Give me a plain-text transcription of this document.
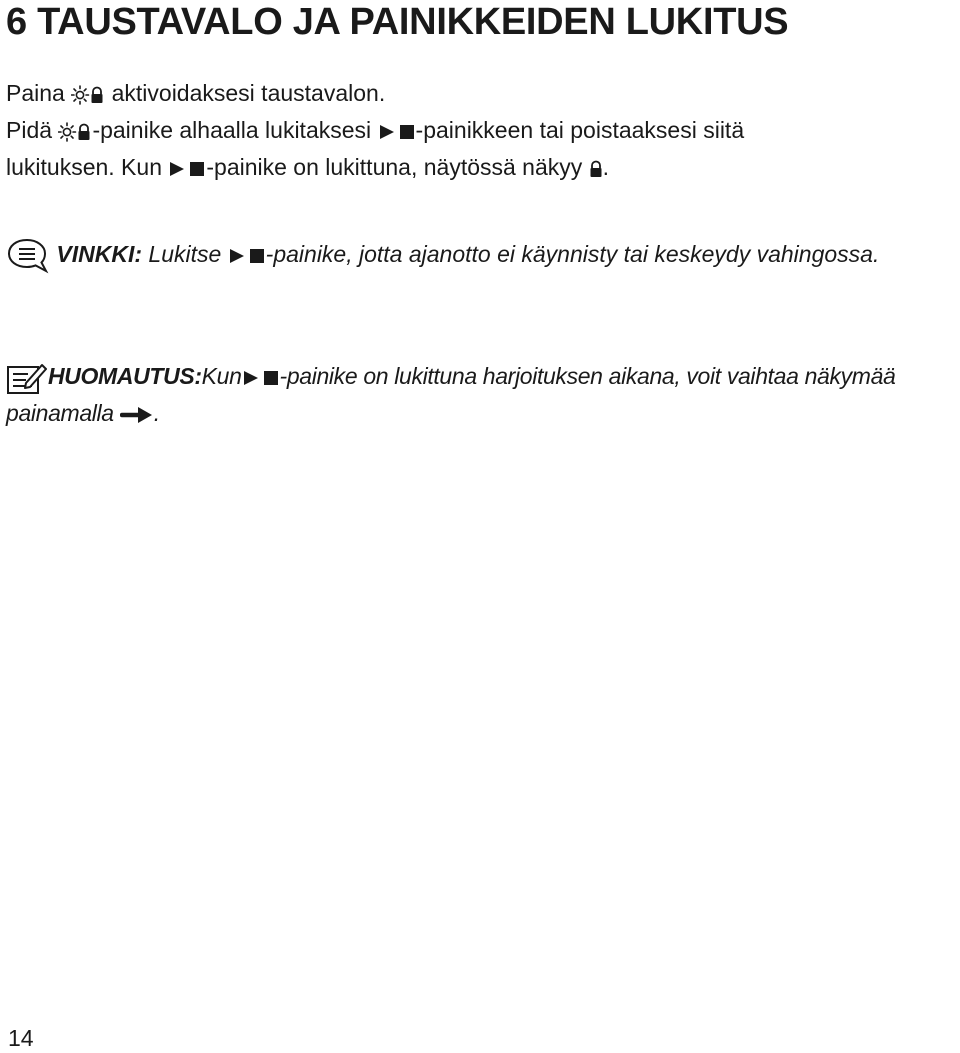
6 TAUSTAVALO JA PAINIKKEIDEN LUKITUS

Paina aktivoidaksesi taustavalon.

Pidä -painike alhaalla lukitaksesi -painikkeen tai poistaaksesi siitä
lukituksen. Kun -painike on lukittuna, näytössä näkyy .

VINKKI: Lukitse -painike, jotta ajanotto ei käynnisty tai keskeydy vahingossa.

HUOMAUTUS:Kun -painike on lukittuna harjoituksen aikana, voit vaihtaa näkymää painamalla .

14
